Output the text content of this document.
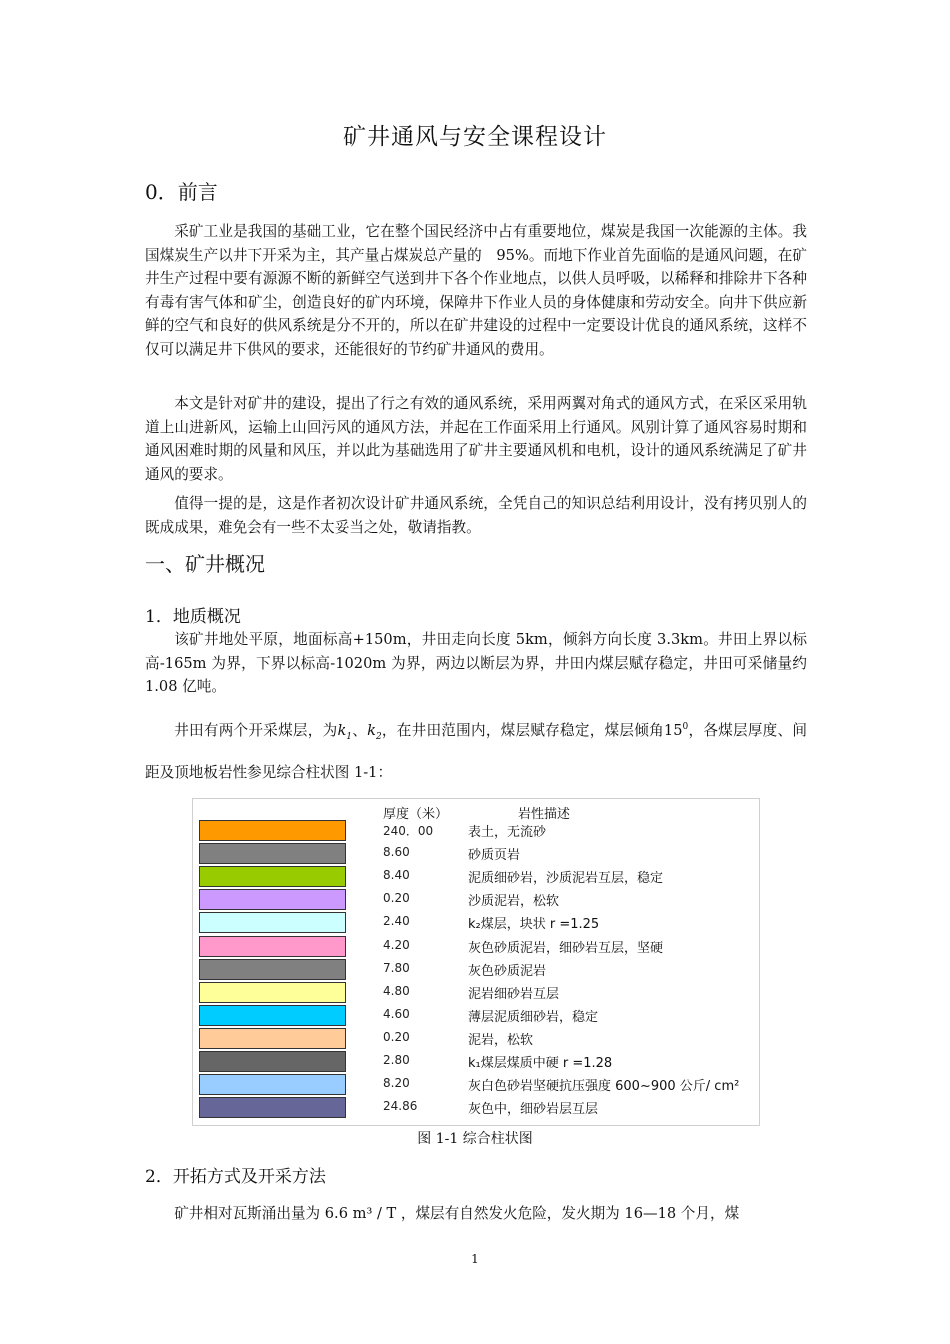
矿井通风与安全课程设计
0．前言

采矿工业是我国的基础工业，它在整个国民经济中占有重要地位，煤炭是我国一次能源的主体。我国煤炭生产以井下开采为主，其产量占煤炭总产量的　95%。而地下作业首先面临的是通风问题，在矿井生产过程中要有源源不断的新鲜空气送到井下各个作业地点，以供人员呼吸，以稀释和排除井下各种有毒有害气体和矿尘，创造良好的矿内环境，保障井下作业人员的身体健康和劳动安全。向井下供应新鲜的空气和良好的供风系统是分不开的，所以在矿井建设的过程中一定要设计优良的通风系统，这样不仅可以满足井下供风的要求，还能很好的节约矿井通风的费用。

本文是针对矿井的建设，提出了行之有效的通风系统，采用两翼对角式的通风方式，在采区采用轨道上山进新风，运输上山回污风的通风方法，并起在工作面采用上行通风。风别计算了通风容易时期和通风困难时期的风量和风压，并以此为基础选用了矿井主要通风机和电机，设计的通风系统满足了矿井通风的要求。

值得一提的是，这是作者初次设计矿井通风系统，全凭自己的知识总结利用设计，没有拷贝别人的既成成果，难免会有一些不太妥当之处，敬请指教。

一、矿井概况
1．地质概况

该矿井地处平原，地面标高+150m，井田走向长度 5km，倾斜方向长度 3.3km。井田上界以标高-165m 为界，下界以标高-1020m 为界，两边以断层为界，井田内煤层赋存稳定，井田可采储量约 1.08 亿吨。

井田有两个开采煤层，为$k_1$、$k_2$，在井田范围内，煤层赋存稳定，煤层倾角$15^0$，各煤层厚度、间距及顶地板岩性参见综合柱状图 1-1：

厚度（米）	岩性描述
240．00	表土，无流砂
8.60	砂质页岩
8.40	泥质细砂岩，沙质泥岩互层，稳定
0.20	沙质泥岩，松软
2.40	k₂煤层，块状 r =1.25
4.20	灰色砂质泥岩，细砂岩互层，坚硬
7.80	灰色砂质泥岩
4.80	泥岩细砂岩互层
4.60	薄层泥质细砂岩，稳定
0.20	泥岩，松软
2.80	k₁煤层煤质中硬 r =1.28
8.20	灰白色砂岩坚硬抗压强度 600~900 公斤/ cm²
24.86	灰色中，细砂岩层互层
图 1-1 综合柱状图
2．开拓方式及开采方法

矿井相对瓦斯涌出量为 6.6 m³ / T ，煤层有自然发火危险，发火期为 16—18 个月，煤

1
